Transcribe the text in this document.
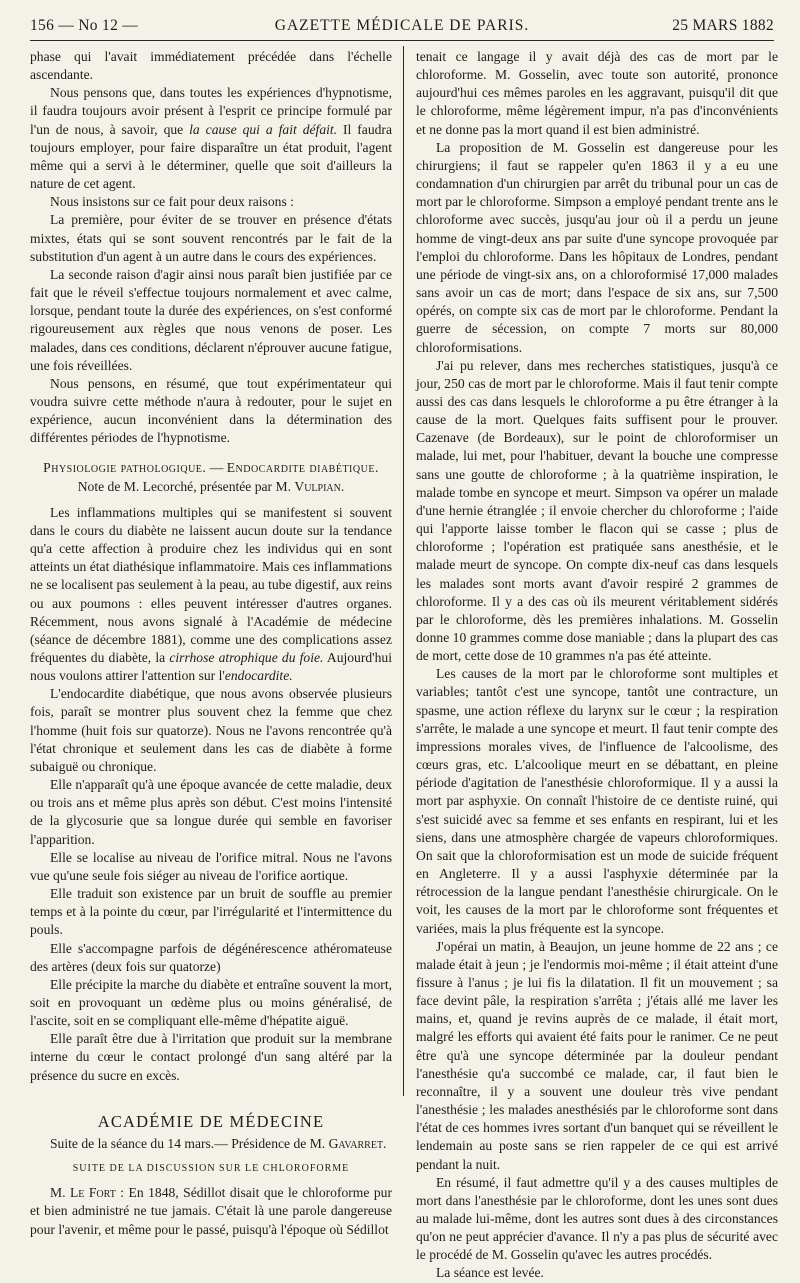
156 — No 12 —	GAZETTE MÉDICALE DE PARIS.	25 MARS 1882

phase qui l'avait immédiatement précédée dans l'échelle ascendante.

Nous pensons que, dans toutes les expériences d'hypnotisme, il faudra toujours avoir présent à l'esprit ce principe formulé par l'un de nous, à savoir, que la cause qui a fait défait. Il faudra toujours employer, pour faire disparaître un état produit, l'agent même qui a servi à le déterminer, quelle que soit d'ailleurs la nature de cet agent.

Nous insistons sur ce fait pour deux raisons :

La première, pour éviter de se trouver en présence d'états mixtes, états qui se sont souvent rencontrés par le fait de la substitution d'un agent à un autre dans le cours des expériences.

La seconde raison d'agir ainsi nous paraît bien justifiée par ce fait que le réveil s'effectue toujours normalement et avec calme, lorsque, pendant toute la durée des expériences, on s'est conformé rigoureusement aux règles que nous venons de poser. Les malades, dans ces conditions, déclarent n'éprouver aucune fatigue, une fois réveillées.

Nous pensons, en résumé, que tout expérimentateur qui voudra suivre cette méthode n'aura à redouter, pour le sujet en expérience, aucun inconvénient dans la détermination des différentes périodes de l'hypnotisme.

Physiologie pathologique. — Endocardite diabétique.

Note de M. Lecorché, présentée par M. Vulpian.

Les inflammations multiples qui se manifestent si souvent dans le cours du diabète ne laissent aucun doute sur la tendance qu'a cette affection à produire chez les individus qui en sont atteints un état diathésique inflammatoire. Mais ces inflammations ne se localisent pas seulement à la peau, au tube digestif, aux reins ou aux poumons : elles peuvent intéresser d'autres organes. Récemment, nous avons signalé à l'Académie de médecine (séance de décembre 1881), comme une des complications assez fréquentes du diabète, la cirrhose atrophique du foie. Aujourd'hui nous voulons attirer l'attention sur l'endocardite.

L'endocardite diabétique, que nous avons observée plusieurs fois, paraît se montrer plus souvent chez la femme que chez l'homme (huit fois sur quatorze). Nous ne l'avons rencontrée qu'à l'état chronique et seulement dans les cas de diabète à forme subaiguë ou chronique.

Elle n'apparaît qu'à une époque avancée de cette maladie, deux ou trois ans et même plus après son début. C'est moins l'intensité de la glycosurie que sa longue durée qui semble en favoriser l'apparition.

Elle se localise au niveau de l'orifice mitral. Nous ne l'avons vue qu'une seule fois siéger au niveau de l'orifice aortique.

Elle traduit son existence par un bruit de souffle au premier temps et à la pointe du cœur, par l'irrégularité et l'intermittence du pouls.

Elle s'accompagne parfois de dégénérescence athéromateuse des artères (deux fois sur quatorze)

Elle précipite la marche du diabète et entraîne souvent la mort, soit en provoquant un œdème plus ou moins généralisé, de l'ascite, soit en se compliquant elle-même d'hépatite aiguë.

Elle paraît être due à l'irritation que produit sur la membrane interne du cœur le contact prolongé d'un sang altéré par la présence du sucre en excès.

ACADÉMIE DE MÉDECINE

Suite de la séance du 14 mars.— Présidence de M. Gavarret.

SUITE DE LA DISCUSSION SUR LE CHLOROFORME

M. Le Fort : En 1848, Sédillot disait que le chloroforme pur et bien administré ne tue jamais. C'était là une parole dangereuse pour l'avenir, et même pour le passé, puisqu'à l'époque où Sédillot

tenait ce langage il y avait déjà des cas de mort par le chloroforme. M. Gosselin, avec toute son autorité, prononce aujourd'hui ces mêmes paroles en les aggravant, puisqu'il dit que le chloroforme, même légèrement impur, n'a pas d'inconvénients et ne donne pas la mort quand il est bien administré.

La proposition de M. Gosselin est dangereuse pour les chirurgiens; il faut se rappeler qu'en 1863 il y a eu une condamnation d'un chirurgien par arrêt du tribunal pour un cas de mort par le chloroforme. Simpson a employé pendant trente ans le chloroforme avec succès, jusqu'au jour où il a perdu un jeune homme de vingt-deux ans par suite d'une syncope provoquée par l'emploi du chloroforme. Dans les hôpitaux de Londres, pendant une période de vingt-six ans, on a chloroformisé 17,000 malades sans avoir un cas de mort; dans l'espace de six ans, sur 7,500 opérés, on compte six cas de mort par le chloroforme. Pendant la guerre de sécession, on compte 7 morts sur 80,000 chloroformisations.

J'ai pu relever, dans mes recherches statistiques, jusqu'à ce jour, 250 cas de mort par le chloroforme. Mais il faut tenir compte aussi des cas dans lesquels le chloroforme a pu être étranger à la cause de la mort. Quelques faits suffisent pour le prouver. Cazenave (de Bordeaux), sur le point de chloroformiser un malade, lui met, pour l'habituer, devant la bouche une compresse sans une goutte de chloroforme ; à la quatrième inspiration, le malade tombe en syncope et meurt. Simpson va opérer un malade d'une hernie étranglée ; il envoie chercher du chloroforme ; l'aide qui l'apporte laisse tomber le flacon qui se casse ; plus de chloroforme ; l'opération est pratiquée sans anesthésie, et le malade meurt de syncope. On compte dix-neuf cas dans lesquels les malades sont morts avant d'avoir respiré 2 grammes de chloroforme. Il y a des cas où ils meurent véritablement sidérés par le chloroforme, dès les premières inhalations. M. Gosselin donne 10 grammes comme dose maniable ; dans la plupart des cas de mort, cette dose de 10 grammes n'a pas été atteinte.

Les causes de la mort par le chloroforme sont multiples et variables; tantôt c'est une syncope, tantôt une contracture, un spasme, une action réflexe du larynx sur le cœur ; la respiration s'arrête, le malade a une syncope et meurt. Il faut tenir compte des impressions morales vives, de l'influence de l'alcoolisme, des cœurs gras, etc. L'alcoolique meurt en se débattant, en pleine période d'agitation de l'anesthésie chloroformique. Il y a aussi la mort par asphyxie. On connaît l'histoire de ce dentiste ruiné, qui s'est suicidé avec sa femme et ses enfants en respirant, lui et les siens, dans une atmosphère chargée de vapeurs chloroformiques. On sait que la chloroformisation est un mode de suicide fréquent en Angleterre. Il y a aussi l'asphyxie déterminée par la rétrocession de la langue pendant l'anesthésie chirurgicale. On le voit, les causes de la mort par le chloroforme sont fréquentes et variées, mais la plus fréquente est la syncope.

J'opérai un matin, à Beaujon, un jeune homme de 22 ans ; ce malade était à jeun ; je l'endormis moi-même ; il était atteint d'une fissure à l'anus ; je lui fis la dilatation. Il fit un mouvement ; sa face devint pâle, la respiration s'arrêta ; j'étais allé me laver les mains, et, quand je revins auprès de ce malade, il était mort, malgré les efforts qui avaient été faits pour le ranimer. Ce ne peut être qu'à une syncope déterminée par la douleur pendant l'anesthésie qu'a succombé ce malade, car, il faut bien le reconnaître, il y a souvent une douleur très vive pendant l'anesthésie ; les malades anesthésiés par le chloroforme sont dans l'état de ces hommes ivres sortant d'un banquet qui se réveillent le lendemain au poste sans se rien rappeler de ce qui est arrivé pendant la nuit.

En résumé, il faut admettre qu'il y a des causes multiples de mort dans l'anesthésie par le chloroforme, dont les unes sont dues au malade lui-même, dont les autres sont dues à des circonstances qu'on ne peut apprécier d'avance. Il n'y a pas plus de sécurité avec le procédé de M. Gosselin qu'avec les autres procédés.

La séance est levée.
